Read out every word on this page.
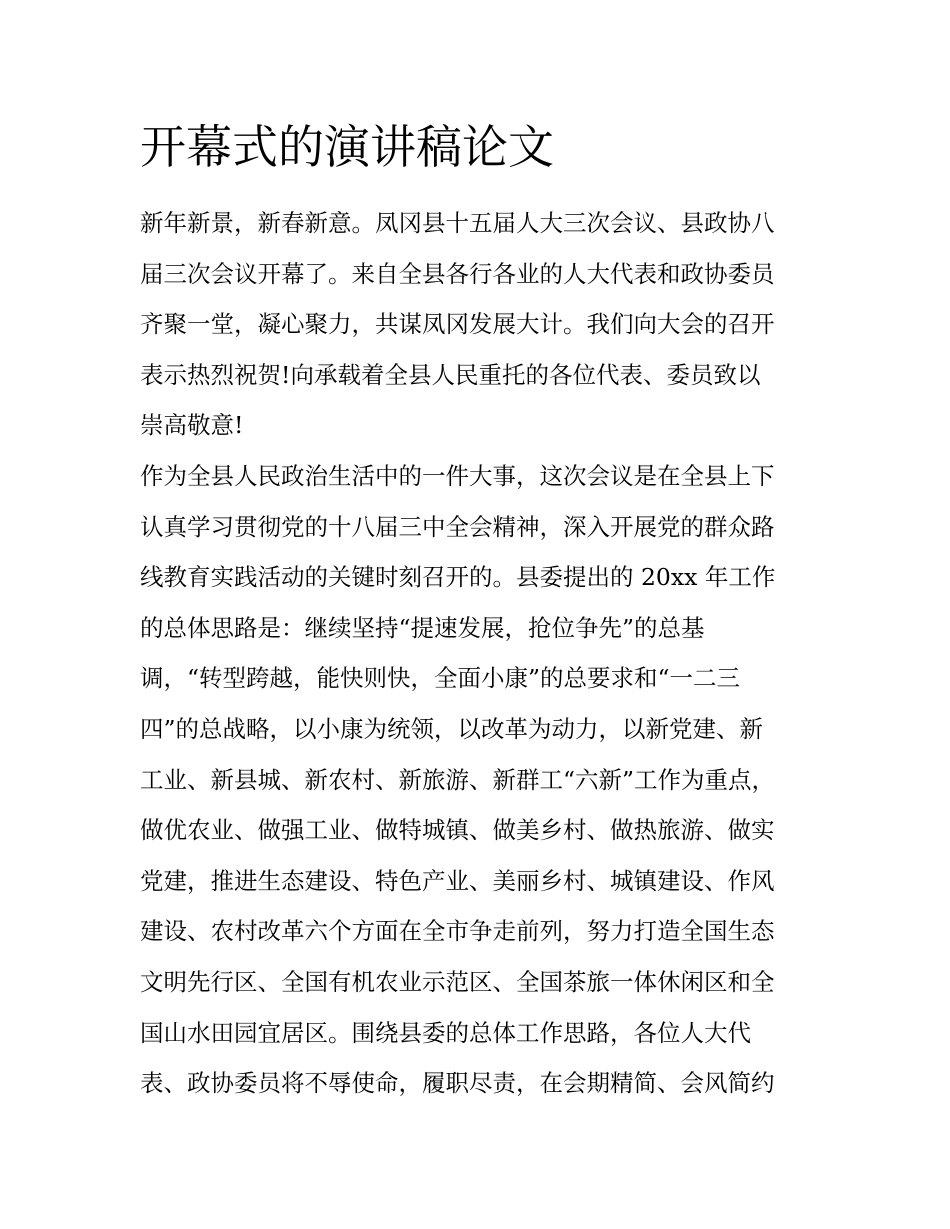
开幕式的演讲稿论文
新年新景，新春新意。凤冈县十五届人大三次会议、县政协八
届三次会议开幕了。来自全县各行各业的人大代表和政协委员
齐聚一堂，凝心聚力，共谋凤冈发展大计。我们向大会的召开
表示热烈祝贺!向承载着全县人民重托的各位代表、委员致以
崇高敬意!
作为全县人民政治生活中的一件大事，这次会议是在全县上下
认真学习贯彻党的十八届三中全会精神，深入开展党的群众路
线教育实践活动的关键时刻召开的。县委提出的 20xx 年工作
的总体思路是：继续坚持“提速发展，抢位争先”的总基
调，“转型跨越，能快则快，全面小康”的总要求和“一二三
四”的总战略，以小康为统领，以改革为动力，以新党建、新
工业、新县城、新农村、新旅游、新群工“六新”工作为重点，
做优农业、做强工业、做特城镇、做美乡村、做热旅游、做实
党建，推进生态建设、特色产业、美丽乡村、城镇建设、作风
建设、农村改革六个方面在全市争走前列，努力打造全国生态
文明先行区、全国有机农业示范区、全国茶旅一体休闲区和全
国山水田园宜居区。围绕县委的总体工作思路，各位人大代
表、政协委员将不辱使命，履职尽责，在会期精简、会风简约
